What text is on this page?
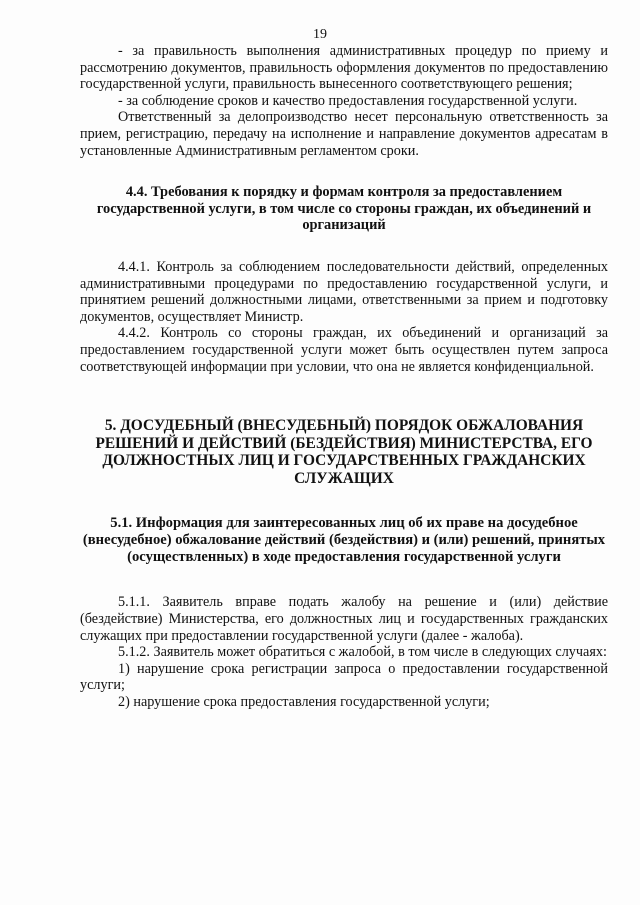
19

- за правильность выполнения административных процедур по приему и рассмотрению документов, правильность оформления документов по предоставлению государственной услуги, правильность вынесенного соответствующего решения;

- за соблюдение сроков и качество предоставления государственной услуги.

Ответственный за делопроизводство несет персональную ответственность за прием, регистрацию, передачу на исполнение и направление документов адресатам в установленные Административным регламентом сроки.

4.4. Требования к порядку и формам контроля за предоставлением государственной услуги, в том числе со стороны граждан, их объединений и организаций

4.4.1. Контроль за соблюдением последовательности действий, определенных административными процедурами по предоставлению государственной услуги, и принятием решений должностными лицами, ответственными за прием и подготовку документов, осуществляет Министр.

4.4.2. Контроль со стороны граждан, их объединений и организаций за предоставлением государственной услуги может быть осуществлен путем запроса соответствующей информации при условии, что она не является конфиденциальной.

5. ДОСУДЕБНЫЙ (ВНЕСУДЕБНЫЙ) ПОРЯДОК ОБЖАЛОВАНИЯ РЕШЕНИЙ И ДЕЙСТВИЙ (БЕЗДЕЙСТВИЯ) МИНИСТЕРСТВА, ЕГО ДОЛЖНОСТНЫХ ЛИЦ И ГОСУДАРСТВЕННЫХ ГРАЖДАНСКИХ СЛУЖАЩИХ

5.1. Информация для заинтересованных лиц об их праве на досудебное (внесудебное) обжалование действий (бездействия) и (или) решений, принятых (осуществленных) в ходе предоставления государственной услуги

5.1.1. Заявитель вправе подать жалобу на решение и (или) действие (бездействие) Министерства, его должностных лиц и государственных гражданских служащих при предоставлении государственной услуги (далее - жалоба).

5.1.2. Заявитель может обратиться с жалобой, в том числе в следующих случаях:

1) нарушение срока регистрации запроса о предоставлении государственной услуги;

2) нарушение срока предоставления государственной услуги;
